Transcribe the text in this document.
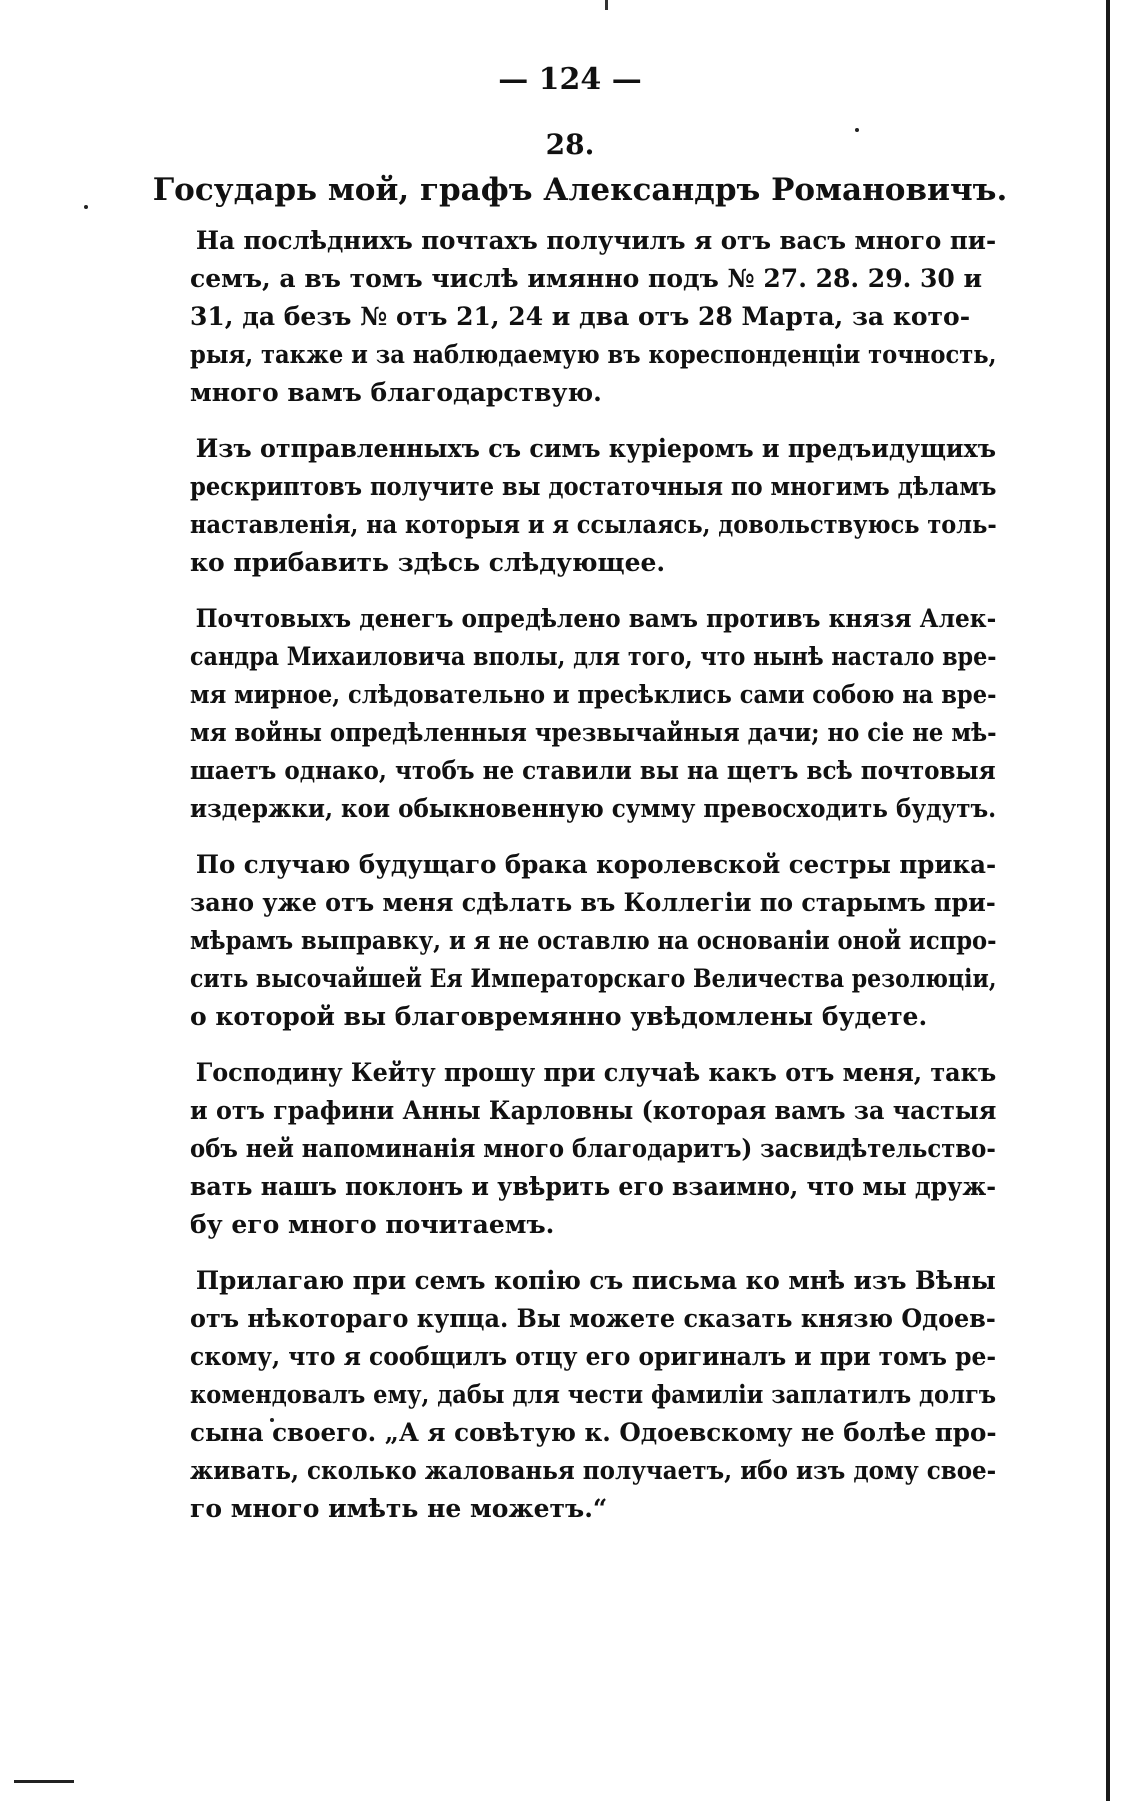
— 124 —
28.
Государь мой, графъ Александръ Романовичъ.
На послѣднихъ почтахъ получилъ я отъ васъ много пи-
семъ, а въ томъ числѣ имянно подъ № 27. 28. 29. 30 и
31, да безъ № отъ 21, 24 и два отъ 28 Марта, за кото-
рыя, также и за наблюдаемую въ кореспонденціи точность,
много вамъ благодарствую.
Изъ отправленныхъ съ симъ куріеромъ и предъидущихъ
рескриптовъ получите вы достаточныя по многимъ дѣламъ
наставленія, на которыя и я ссылаясь, довольствуюсь толь-
ко прибавить здѣсь слѣдующее.
Почтовыхъ денегъ опредѣлено вамъ противъ князя Алек-
сандра Михаиловича вполы, для того, что нынѣ настало вре-
мя мирное, слѣдовательно и пресѣклись сами собою на вре-
мя войны опредѣленныя чрезвычайныя дачи; но сіе не мѣ-
шаетъ однако, чтобъ не ставили вы на щетъ всѣ почтовыя
издержки, кои обыкновенную сумму превосходить будутъ.
По случаю будущаго брака королевской сестры прика-
зано уже отъ меня сдѣлать въ Коллегіи по старымъ при-
мѣрамъ выправку, и я не оставлю на основаніи оной испро-
сить высочайшей Ея Императорскаго Величества резолюціи,
о которой вы благовремянно увѣдомлены будете.
Господину Кейту прошу при случаѣ какъ отъ меня, такъ
и отъ графини Анны Карловны (которая вамъ за частыя
объ ней напоминанія много благодаритъ) засвидѣтельство-
вать нашъ поклонъ и увѣрить его взаимно, что мы друж-
бу его много почитаемъ.
Прилагаю при семъ копію съ письма ко мнѣ изъ Вѣны
отъ нѣкотораго купца. Вы можете сказать князю Одоев-
скому, что я сообщилъ отцу его оригиналъ и при томъ ре-
комендовалъ ему, дабы для чести фамиліи заплатилъ долгъ
сына своего. „А я совѣтую к. Одоевскому не болѣе про-
живать, сколько жалованья получаетъ, ибо изъ дому свое-
го много имѣть не можетъ.“
